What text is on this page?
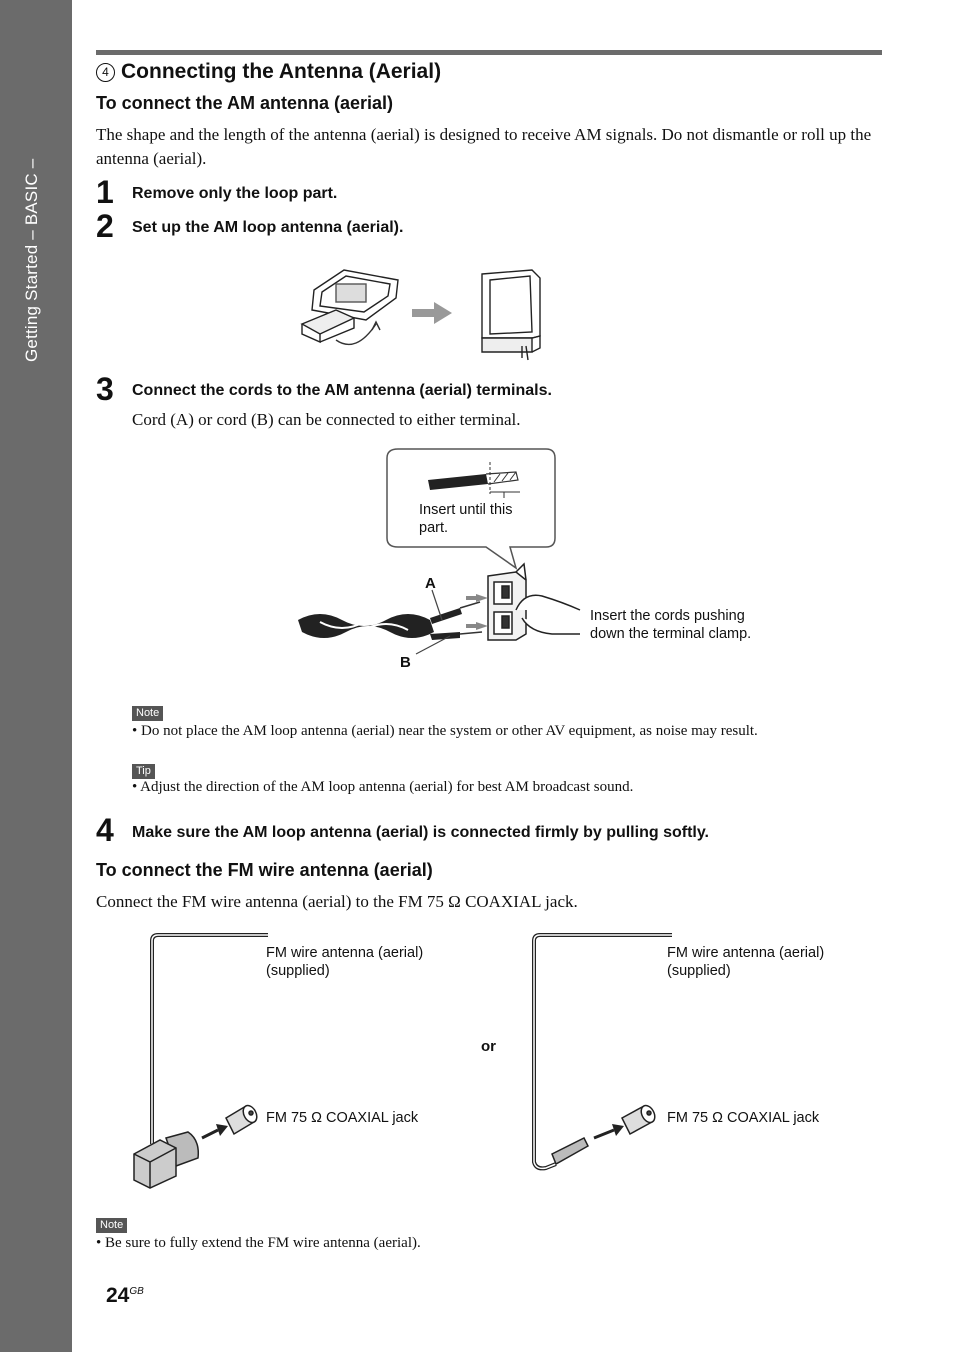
Getting Started – BASIC –
4 Connecting the Antenna (Aerial)
To connect the AM antenna (aerial)
The shape and the length of the antenna (aerial) is designed to receive AM signals. Do not dismantle or roll up the antenna (aerial).
1 Remove only the loop part.
2 Set up the AM loop antenna (aerial).
3 Connect the cords to the AM antenna (aerial) terminals.
Cord (A) or cord (B) can be connected to either terminal.
Insert until this part.
A
B
Insert the cords pushing down the terminal clamp.
Note
• Do not place the AM loop antenna (aerial) near the system or other AV equipment, as noise may result.
Tip
• Adjust the direction of the AM loop antenna (aerial) for best AM broadcast sound.
4 Make sure the AM loop antenna (aerial) is connected firmly by pulling softly.
To connect the FM wire antenna (aerial)
Connect the FM wire antenna (aerial) to the FM 75 Ω COAXIAL jack.
FM wire antenna (aerial) (supplied)
FM 75 Ω COAXIAL jack
or
FM wire antenna (aerial) (supplied)
FM 75 Ω COAXIAL jack
Note
• Be sure to fully extend the FM wire antenna (aerial).
$24^{GB}$
